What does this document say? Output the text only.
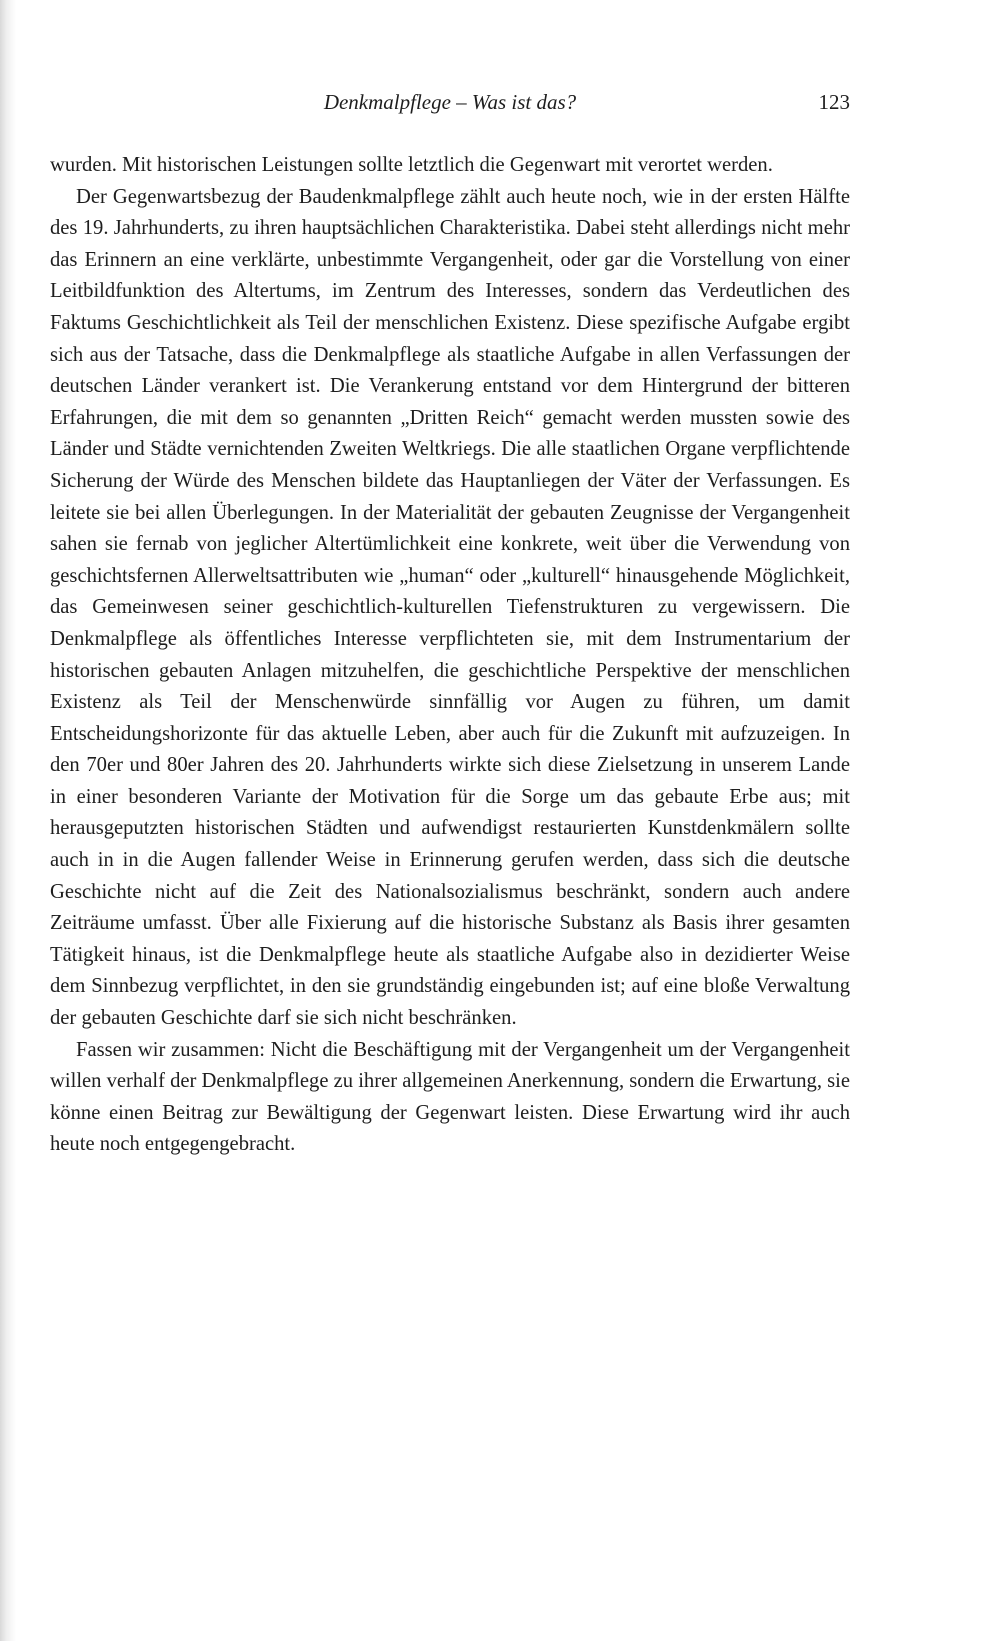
Denkmalpflege – Was ist das?	123

wurden. Mit historischen Leistungen sollte letztlich die Gegenwart mit verortet werden.

Der Gegenwartsbezug der Baudenkmalpflege zählt auch heute noch, wie in der ersten Hälfte des 19. Jahrhunderts, zu ihren hauptsächlichen Charakteristika. Dabei steht allerdings nicht mehr das Erinnern an eine verklärte, unbestimmte Vergangenheit, oder gar die Vorstellung von einer Leitbildfunktion des Altertums, im Zentrum des Interesses, sondern das Verdeutlichen des Faktums Geschichtlichkeit als Teil der menschlichen Existenz. Diese spezifische Aufgabe ergibt sich aus der Tatsache, dass die Denkmalpflege als staatliche Aufgabe in allen Verfassungen der deutschen Länder verankert ist. Die Verankerung entstand vor dem Hintergrund der bitteren Erfahrungen, die mit dem so genannten „Dritten Reich“ gemacht werden mussten sowie des Länder und Städte vernichtenden Zweiten Weltkriegs. Die alle staatlichen Organe verpflichtende Sicherung der Würde des Menschen bildete das Hauptanliegen der Väter der Verfassungen. Es leitete sie bei allen Überlegungen. In der Materialität der gebauten Zeugnisse der Vergangenheit sahen sie fernab von jeglicher Altertümlichkeit eine konkrete, weit über die Verwendung von geschichtsfernen Allerweltsattributen wie „human“ oder „kulturell“ hinausgehende Möglichkeit, das Gemeinwesen seiner geschichtlich-kulturellen Tiefenstrukturen zu vergewissern. Die Denkmalpflege als öffentliches Interesse verpflichteten sie, mit dem Instrumentarium der historischen gebauten Anlagen mitzuhelfen, die geschichtliche Perspektive der menschlichen Existenz als Teil der Menschenwürde sinnfällig vor Augen zu führen, um damit Entscheidungshorizonte für das aktuelle Leben, aber auch für die Zukunft mit aufzuzeigen. In den 70er und 80er Jahren des 20. Jahrhunderts wirkte sich diese Zielsetzung in unserem Lande in einer besonderen Variante der Motivation für die Sorge um das gebaute Erbe aus; mit herausgeputzten historischen Städten und aufwendigst restaurierten Kunstdenkmälern sollte auch in in die Augen fallender Weise in Erinnerung gerufen werden, dass sich die deutsche Geschichte nicht auf die Zeit des Nationalsozialismus beschränkt, sondern auch andere Zeiträume umfasst. Über alle Fixierung auf die historische Substanz als Basis ihrer gesamten Tätigkeit hinaus, ist die Denkmalpflege heute als staatliche Aufgabe also in dezidierter Weise dem Sinnbezug verpflichtet, in den sie grundständig eingebunden ist; auf eine bloße Verwaltung der gebauten Geschichte darf sie sich nicht beschränken.

Fassen wir zusammen: Nicht die Beschäftigung mit der Vergangenheit um der Vergangenheit willen verhalf der Denkmalpflege zu ihrer allgemeinen Anerkennung, sondern die Erwartung, sie könne einen Beitrag zur Bewältigung der Gegenwart leisten. Diese Erwartung wird ihr auch heute noch entgegengebracht.
